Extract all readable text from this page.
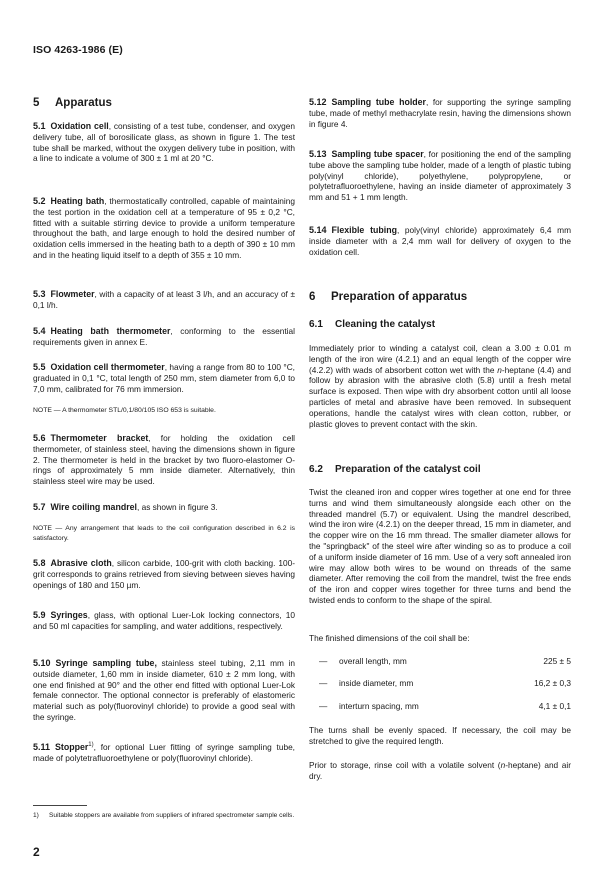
ISO 4263-1986 (E)
5 Apparatus
5.1 Oxidation cell, consisting of a test tube, condenser, and oxygen delivery tube, all of borosilicate glass, as shown in figure 1. The test tube shall be marked, without the oxygen delivery tube in position, with a line to indicate a volume of 300 ± 1 ml at 20 °C.
5.2 Heating bath, thermostatically controlled, capable of maintaining the test portion in the oxidation cell at a temperature of 95 ± 0,2 °C, fitted with a suitable stirring device to provide a uniform temperature throughout the bath, and large enough to hold the desired number of oxidation cells immersed in the heating bath to a depth of 390 ± 10 mm and in the heating liquid itself to a depth of 355 ± 10 mm.
5.3 Flowmeter, with a capacity of at least 3 l/h, and an accuracy of ± 0,1 l/h.
5.4 Heating bath thermometer, conforming to the essential requirements given in annex E.
5.5 Oxidation cell thermometer, having a range from 80 to 100 °C, graduated in 0,1 °C, total length of 250 mm, stem diameter from 6,0 to 7,0 mm, calibrated for 76 mm immersion.
NOTE — A thermometer STL/0,1/80/105 ISO 653 is suitable.
5.6 Thermometer bracket, for holding the oxidation cell thermometer, of stainless steel, having the dimensions shown in figure 2. The thermometer is held in the bracket by two fluoro-elastomer O-rings of approximately 5 mm inside diameter. Alternatively, thin stainless steel wire may be used.
5.7 Wire coiling mandrel, as shown in figure 3.
NOTE — Any arrangement that leads to the coil configuration described in 6.2 is satisfactory.
5.8 Abrasive cloth, silicon carbide, 100-grit with cloth backing. 100-grit corresponds to grains retrieved from sieving between sieves having openings of 180 and 150 µm.
5.9 Syringes, glass, with optional Luer-Lok locking connectors, 10 and 50 ml capacities for sampling, and water additions, respectively.
5.10 Syringe sampling tube, stainless steel tubing, 2,11 mm in outside diameter, 1,60 mm in inside diameter, 610 ± 2 mm long, with one end finished at 90° and the other end fitted with optional Luer-Lok female connector. The optional connector is preferably of elastomeric material such as poly(fluorovinyl chloride) to provide a good seal with the syringe.
5.11 Stopper$^{1)}$, for optional Luer fitting of syringe sampling tube, made of polytetrafluoroethylene or poly(fluorovinyl chloride).
5.12 Sampling tube holder, for supporting the syringe sampling tube, made of methyl methacrylate resin, having the dimensions shown in figure 4.
5.13 Sampling tube spacer, for positioning the end of the sampling tube above the sampling tube holder, made of a length of plastic tubing poly(vinyl chloride), polyethylene, polypropylene, or polytetrafluoroethylene, having an inside diameter of approximately 3 mm and 51 + 1 mm length.
5.14 Flexible tubing, poly(vinyl chloride) approximately 6,4 mm inside diameter with a 2,4 mm wall for delivery of oxygen to the oxidation cell.
6 Preparation of apparatus
6.1 Cleaning the catalyst
Immediately prior to winding a catalyst coil, clean a 3.00 ± 0.01 m length of the iron wire (4.2.1) and an equal length of the copper wire (4.2.2) with wads of absorbent cotton wet with the n-heptane (4.4) and follow by abrasion with the abrasive cloth (5.8) until a fresh metal surface is exposed. Then wipe with dry absorbent cotton until all loose particles of metal and abrasive have been removed. In subsequent operations, handle the catalyst wires with clean cotton, rubber, or plastic gloves to prevent contact with the skin.
6.2 Preparation of the catalyst coil
Twist the cleaned iron and copper wires together at one end for three turns and wind them simultaneously alongside each other on the threaded mandrel (5.7) or equivalent. Using the mandrel described, wind the iron wire (4.2.1) on the deeper thread, 15 mm in diameter, and the copper wire on the 16 mm thread. The smaller diameter allows for the "springback" of the steel wire after winding so as to produce a coil of a uniform inside diameter of 16 mm. Use of a very soft annealed iron wire may allow both wires to be wound on threads of the same diameter. After removing the coil from the mandrel, twist the free ends of the iron and copper wires together for three turns and bend the twisted ends to conform to the shape of the spiral.
The finished dimensions of the coil shall be:
— overall length, mm	225 ± 5
— inside diameter, mm	16,2 ± 0,3
— interturn spacing, mm	4,1 ± 0,1
The turns shall be evenly spaced. If necessary, the coil may be stretched to give the required length.
Prior to storage, rinse coil with a volatile solvent (n-heptane) and air dry.
1) Suitable stoppers are available from suppliers of infrared spectrometer sample cells.
2
